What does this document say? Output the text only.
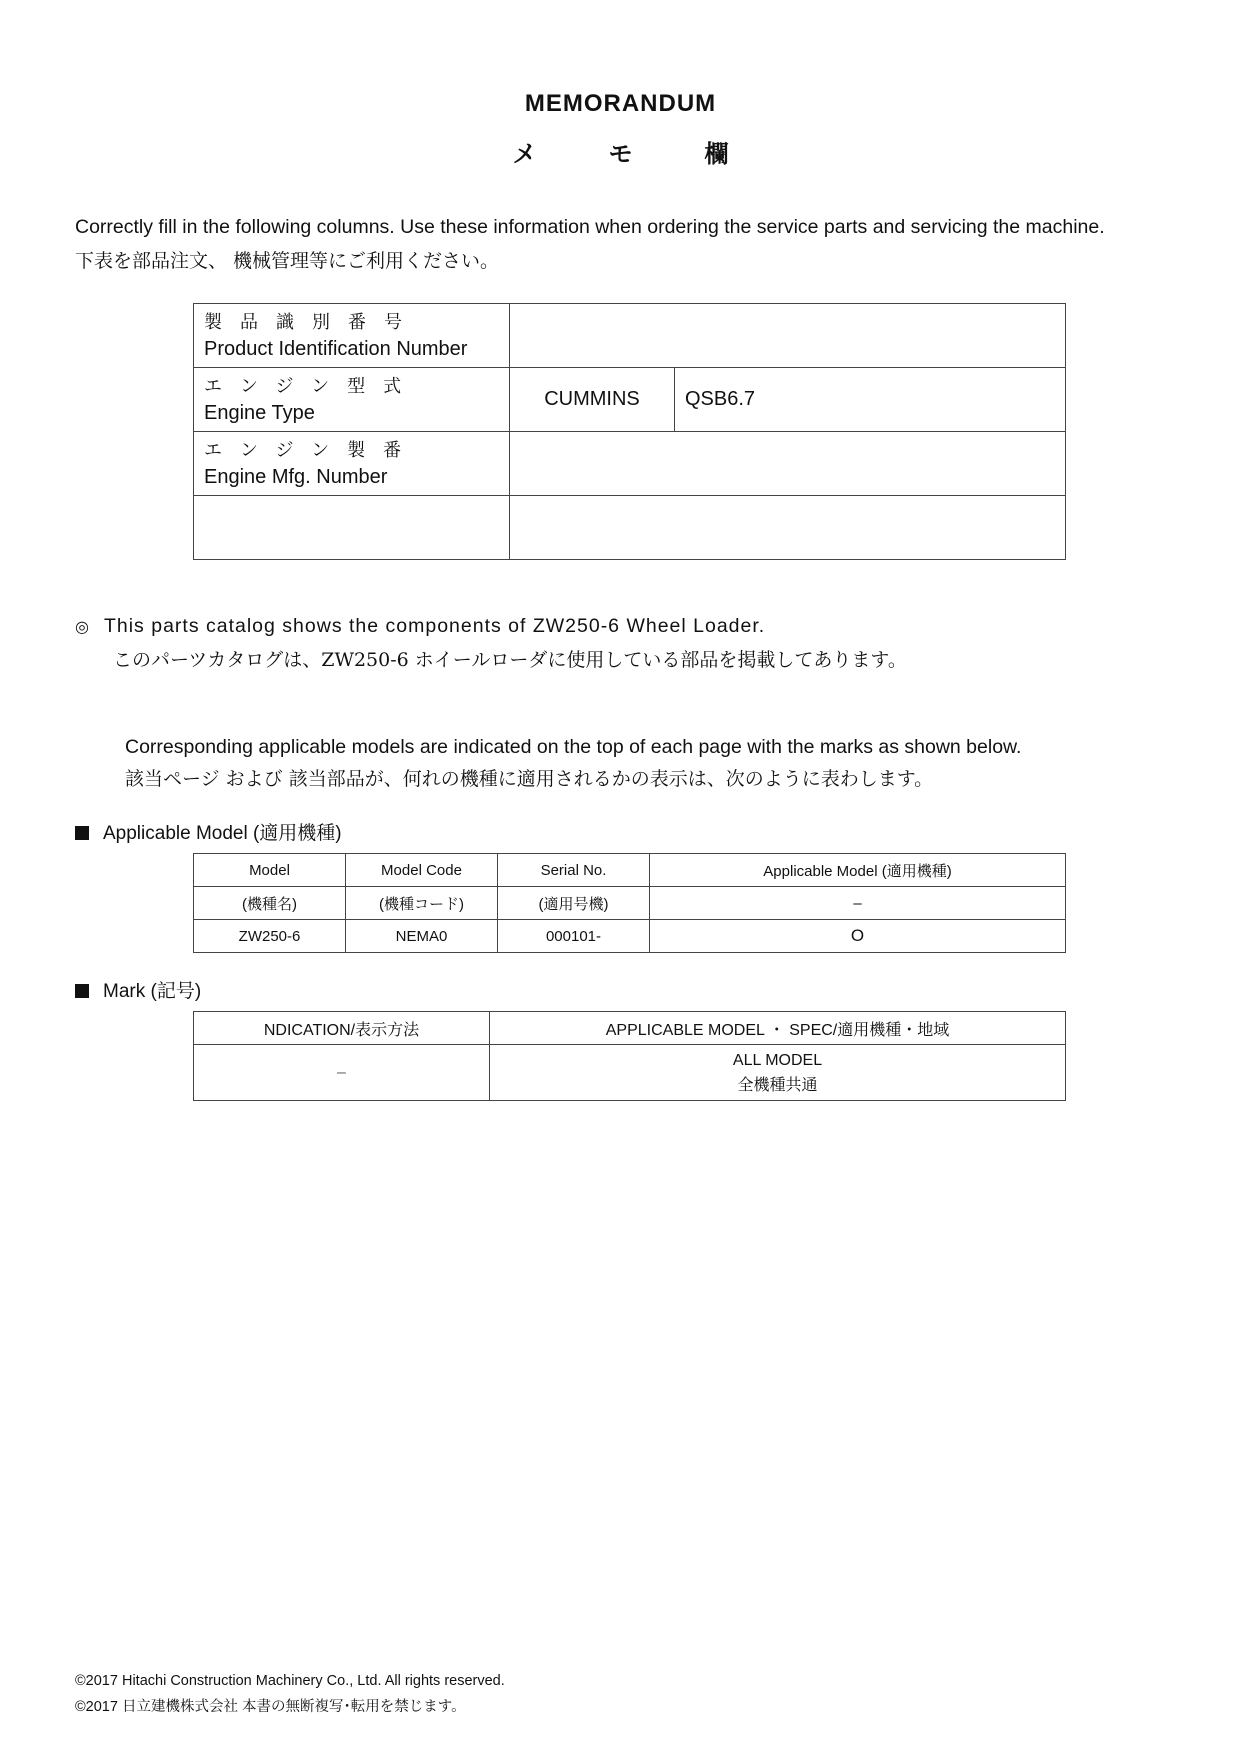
MEMORANDUM
メ	モ	欄
Correctly fill in the following columns. Use these information when ordering the service parts and servicing the machine.
下表を部品注文、 機械管理等にご利用ください。
製品識別番号
Product Identification Number		

エンジン型式
Engine Type	CUMMINS	QSB6.7

エンジン製番
Engine Mfg. Number		

◎ This parts catalog shows the components of ZW250-6 Wheel Loader.
このパーツカタログは、ZW250-6 ホイールローダに使用している部品を掲載してあります。
Corresponding applicable models are indicated on the top of each page with the marks as shown below.
該当ページ および 該当部品が、何れの機種に適用されるかの表示は、次のように表わします。
Applicable Model (適用機種)
Model	Model Code	Serial No.	Applicable Model (適用機種)
(機種名)	(機種コード)	(適用号機)	–
ZW250-6	NEMA0	000101-	O
Mark (記号)
NDICATION/表示方法	APPLICABLE MODEL ・ SPEC/適用機種・地域
–	ALL MODEL
全機種共通
©2017 Hitachi Construction Machinery Co., Ltd. All rights reserved.
©2017 日立建機株式会社 本書の無断複写･転用を禁じます。
